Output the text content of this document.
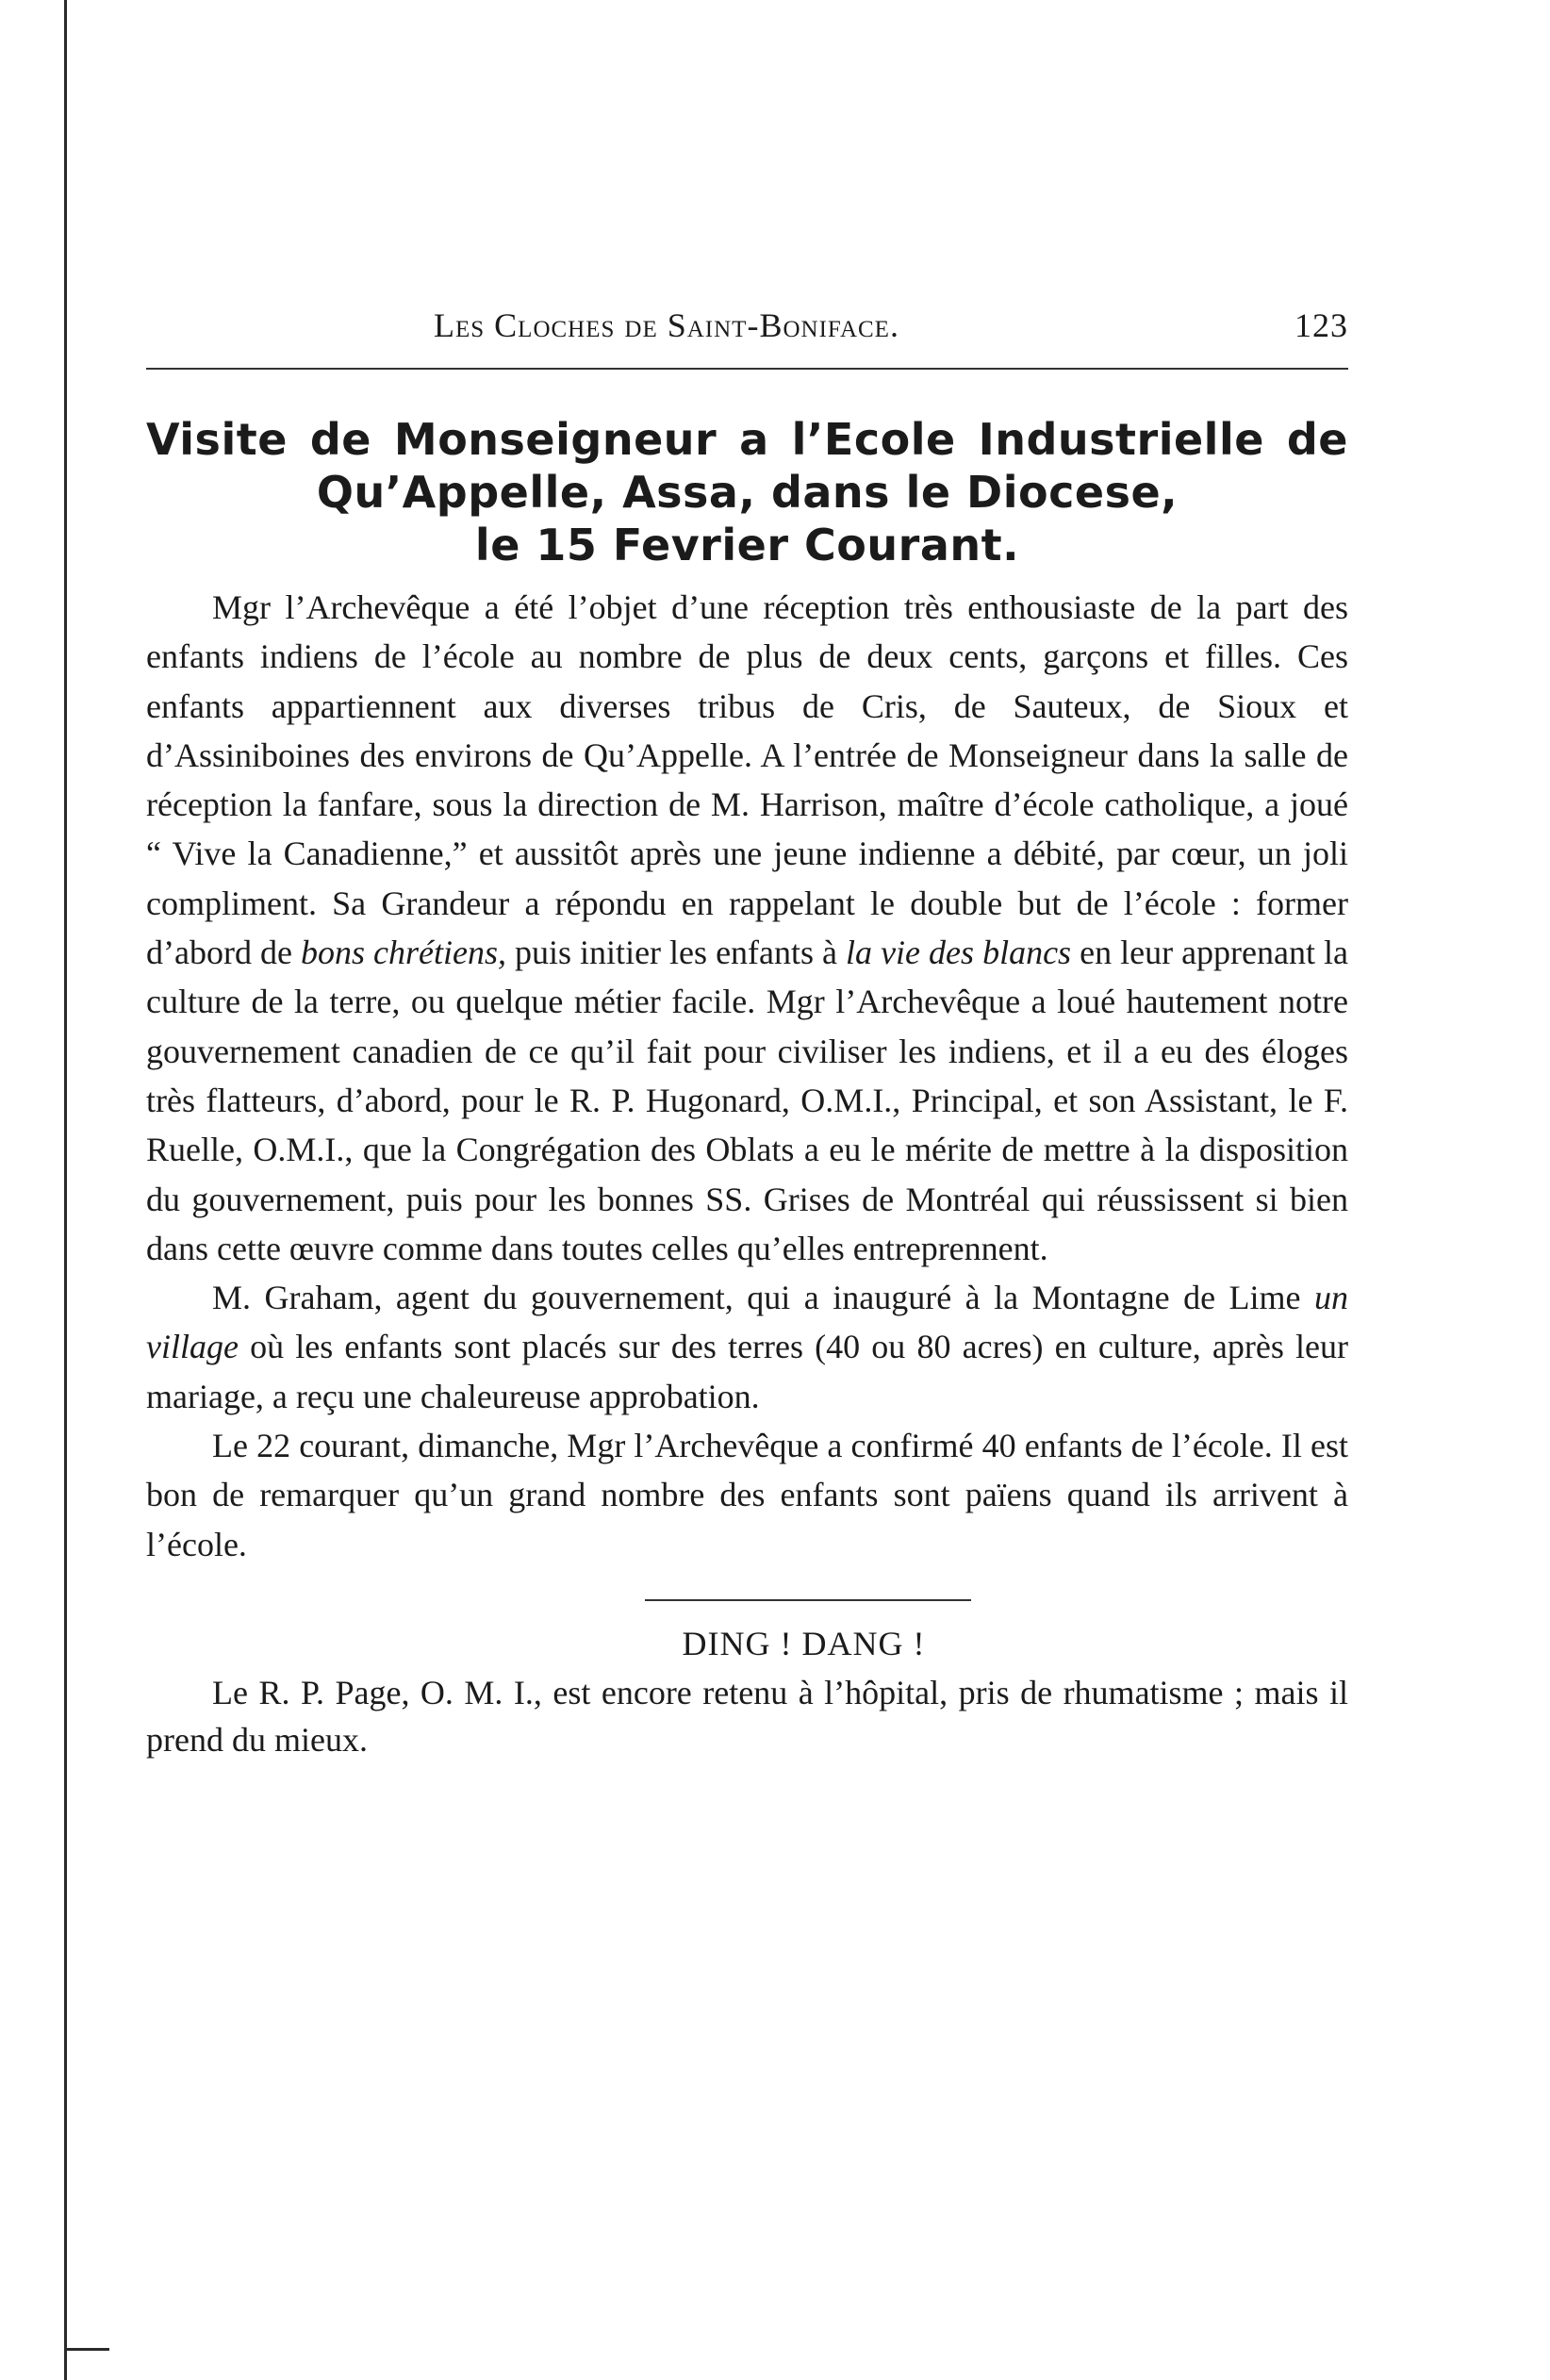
Les Cloches de Saint-Boniface.	123
Visite de Monseigneur a l’Ecole Industrielle de
Qu’Appelle, Assa, dans le Diocese,
le 15 Fevrier Courant.

Mgr l’Archevêque a été l’objet d’une réception très enthousiaste de la part des enfants indiens de l’école au nombre de plus de deux cents, garçons et filles. Ces enfants appartiennent aux diverses tribus de Cris, de Sauteux, de Sioux et d’Assiniboines des environs de Qu’Appelle. A l’entrée de Monseigneur dans la salle de réception la fanfare, sous la direction de M. Harrison, maître d’école catholique, a joué “ Vive la Canadienne,” et aussitôt après une jeune indienne a débité, par cœur, un joli compliment. Sa Grandeur a répondu en rappelant le double but de l’école : former d’abord de bons chrétiens, puis initier les enfants à la vie des blancs en leur apprenant la culture de la terre, ou quelque métier facile. Mgr l’Archevêque a loué hautement notre gouvernement canadien de ce qu’il fait pour civiliser les indiens, et il a eu des éloges très flatteurs, d’abord, pour le R. P. Hugonard, O.M.I., Principal, et son Assistant, le F. Ruelle, O.M.I., que la Congrégation des Oblats a eu le mérite de mettre à la disposition du gouvernement, puis pour les bonnes SS. Grises de Montréal qui réussissent si bien dans cette œuvre comme dans toutes celles qu’elles entreprennent.

M. Graham, agent du gouvernement, qui a inauguré à la Montagne de Lime un village où les enfants sont placés sur des terres (40 ou 80 acres) en culture, après leur mariage, a reçu une chaleureuse approbation.

Le 22 courant, dimanche, Mgr l’Archevêque a confirmé 40 enfants de l’école. Il est bon de remarquer qu’un grand nombre des enfants sont païens quand ils arrivent à l’école.

DING ! DANG !

Le R. P. Page, O. M. I., est encore retenu à l’hôpital, pris de rhumatisme ; mais il prend du mieux.
